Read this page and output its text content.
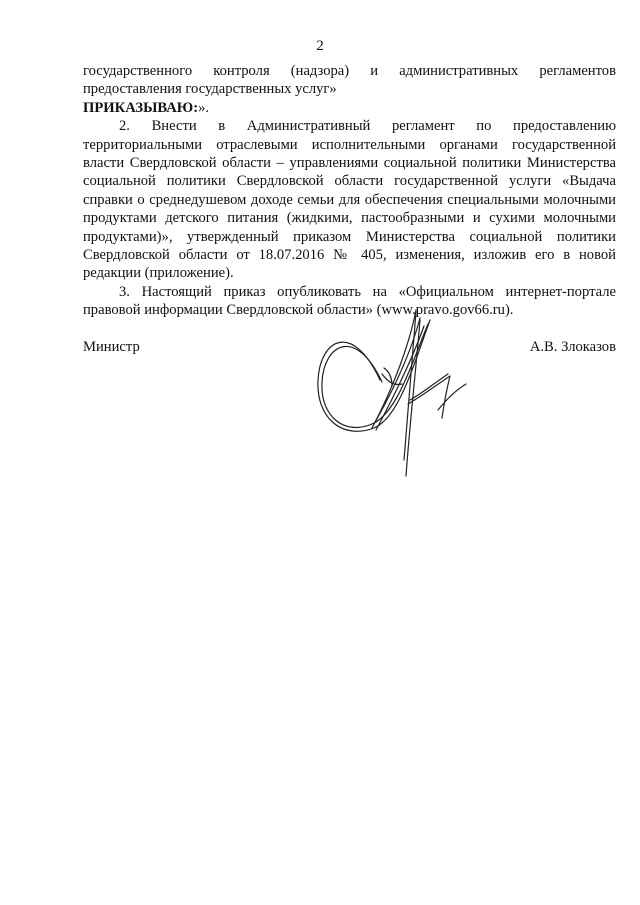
2

государственного контроля (надзора) и административных регламентов предоставления государственных услуг»

ПРИКАЗЫВАЮ:».

2. Внести в Административный регламент по предоставлению территориальными отраслевыми исполнительными органами государственной власти Свердловской области – управлениями социальной политики Министерства социальной политики Свердловской области государственной услуги «Выдача справки о среднедушевом доходе семьи для обеспечения специальными молочными продуктами детского питания (жидкими, пастообразными и сухими молочными продуктами)», утвержденный приказом Министерства социальной политики Свердловской области от 18.07.2016 № 405, изменения, изложив его в новой редакции (приложение).

3. Настоящий приказ опубликовать на «Официальном интернет-портале правовой информации Свердловской области» (www.pravo.gov66.ru).

Министр	А.В. Злоказов
